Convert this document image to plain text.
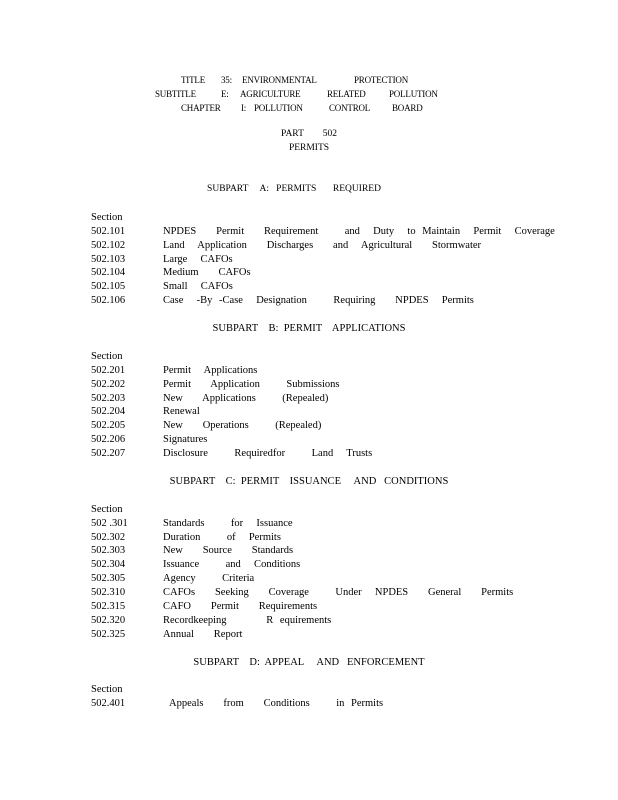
TITLE 35: ENVIRONMENTAL	PROTECTION
SUBTITLE	E: AGRICULTURE	RELATED	POLLUTION
CHAPTER I: POLLUTION	CONTROL BOARD
PART        502
PERMITS
SUBPART     A:   PERMITS       REQUIRED
Section
502.101	NPDES   Permit   Requirement    and  Duty  to Maintain  Permit  Coverage
502.102	Land  Application   Discharges   and  Agricultural   Stormwater
502.103	Large  CAFOs
502.104	Medium   CAFOs
502.105	Small  CAFOs
502.106	Case  -By -Case  Designation    Requiring   NPDES  Permits
SUBPART    B:  PERMIT    APPLICATIONS
Section
502.201	Permit  Applications
502.202	Permit   Application    Submissions
502.203	New   Applications    (Repealed)
502.204	Renewal
502.205	New   Operations    (Repealed)
502.206	Signatures
502.207	Disclosure    Requiredfor    Land  Trusts
SUBPART    C:  PERMIT    ISSUANCE     AND   CONDITIONS
Section
502 .301	Standards    for  Issuance
502.302	Duration    of  Permits
502.303	New   Source   Standards
502.304	Issuance    and  Conditions
502.305	Agency    Criteria
502.310	CAFOs   Seeking   Coverage    Under  NPDES   General   Permits
502.315	CAFO   Permit   Requirements
502.320	Recordkeeping      R equirements
502.325	Annual   Report
SUBPART    D:  APPEAL     AND   ENFORCEMENT
Section
502.401	Appeals   from   Conditions    in Permits
